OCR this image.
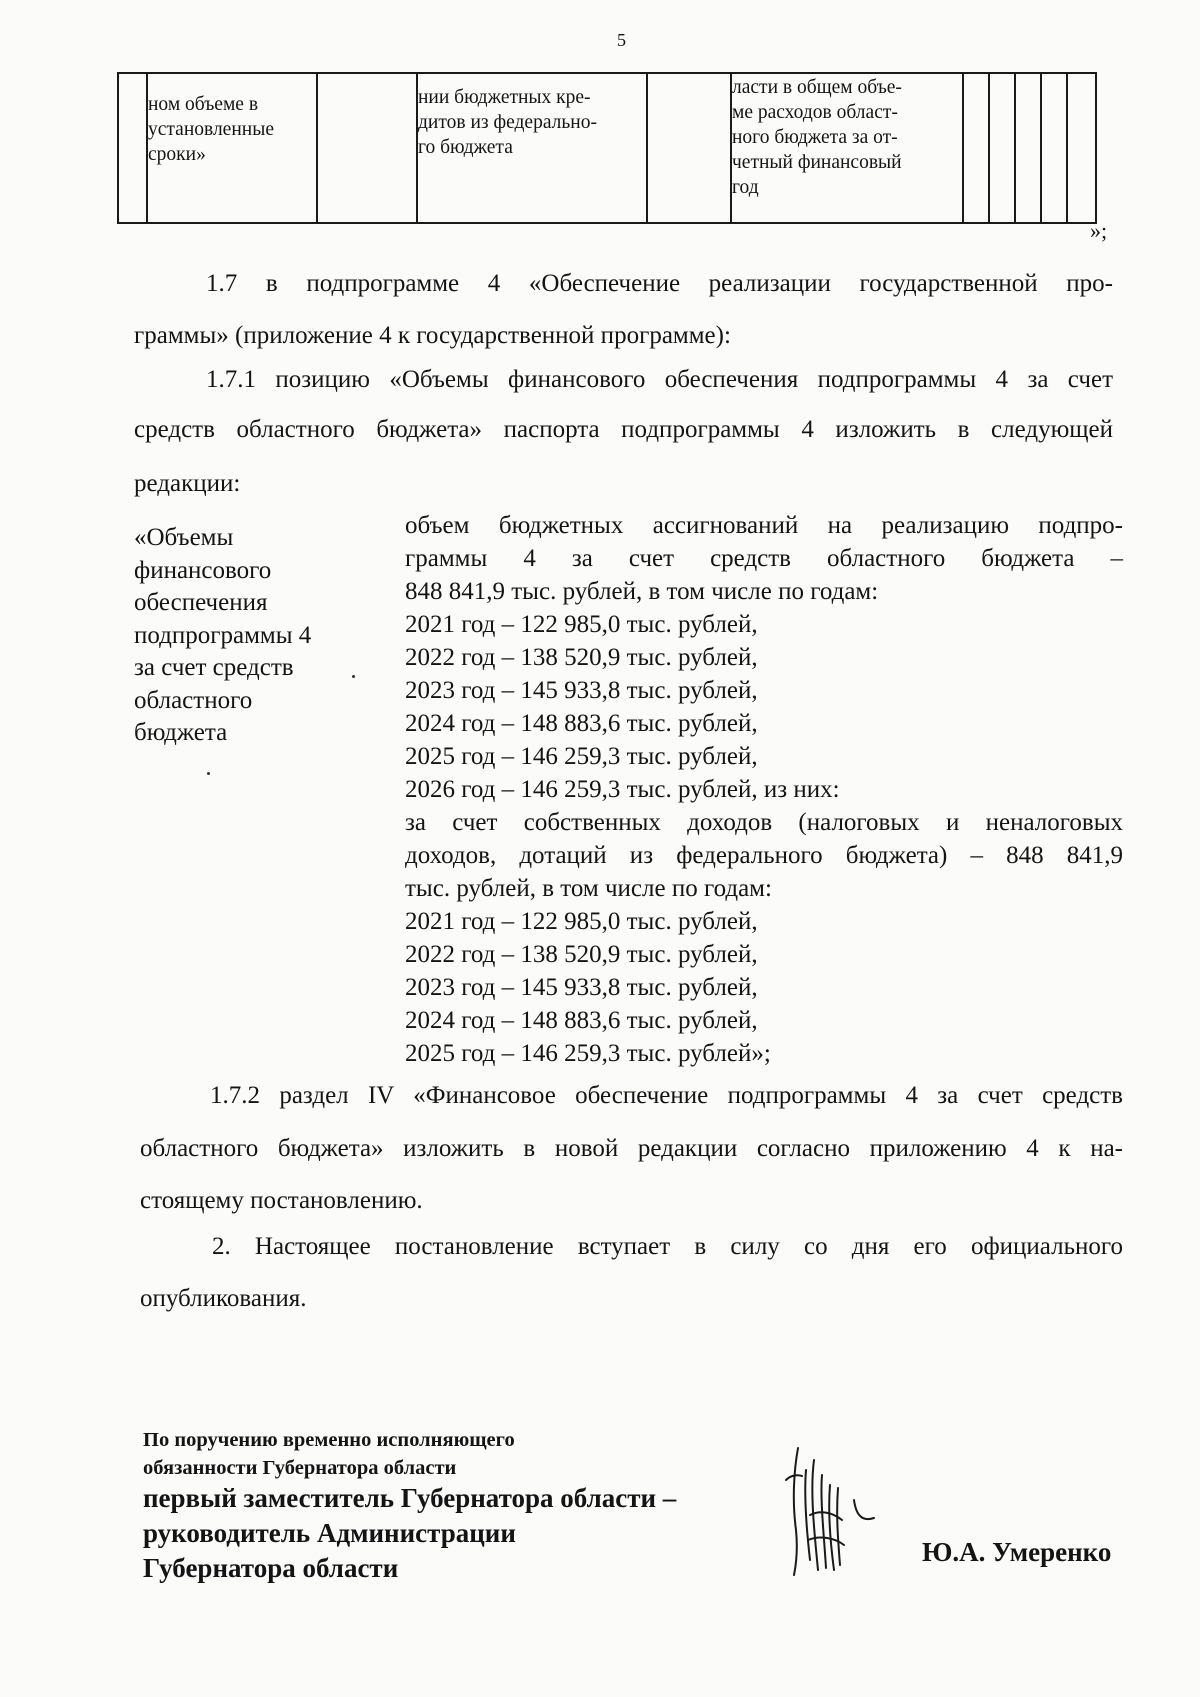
5
ном объеме в
установленные
сроки»
нии бюджетных кре-
дитов из федерально-
го бюджета
ласти в общем объе-
ме расходов област-
ного бюджета за от-
четный финансовый
год
»;
1.7 в подпрограмме 4 «Обеспечение реализации государственной про-
граммы» (приложение 4 к государственной программе):
1.7.1 позицию «Объемы финансового обеспечения подпрограммы 4 за счет
средств областного бюджета» паспорта подпрограммы 4 изложить в следующей
редакции:
«Объемы
финансового
обеспечения
подпрограммы 4
за счет средств
областного
бюджета
объем бюджетных ассигнований на реализацию подпро-
граммы 4 за счет средств областного бюджета –
848 841,9 тыс. рублей, в том числе по годам:
2021 год – 122 985,0 тыс. рублей,
2022 год – 138 520,9 тыс. рублей,
2023 год – 145 933,8 тыс. рублей,
2024 год – 148 883,6 тыс. рублей,
2025 год – 146 259,3 тыс. рублей,
2026 год – 146 259,3 тыс. рублей, из них:
за счет собственных доходов (налоговых и неналоговых
доходов, дотаций из федерального бюджета) – 848 841,9
тыс. рублей, в том числе по годам:
2021 год – 122 985,0 тыс. рублей,
2022 год – 138 520,9 тыс. рублей,
2023 год – 145 933,8 тыс. рублей,
2024 год – 148 883,6 тыс. рублей,
2025 год – 146 259,3 тыс. рублей»;
1.7.2 раздел IV «Финансовое обеспечение подпрограммы 4 за счет средств
областного бюджета» изложить в новой редакции согласно приложению 4 к на-
стоящему постановлению.
2. Настоящее постановление вступает в силу со дня его официального
опубликования.
По поручению временно исполняющего
обязанности Губернатора области
первый заместитель Губернатора области –
руководитель Администрации
Губернатора области
Ю.А. Умеренко
